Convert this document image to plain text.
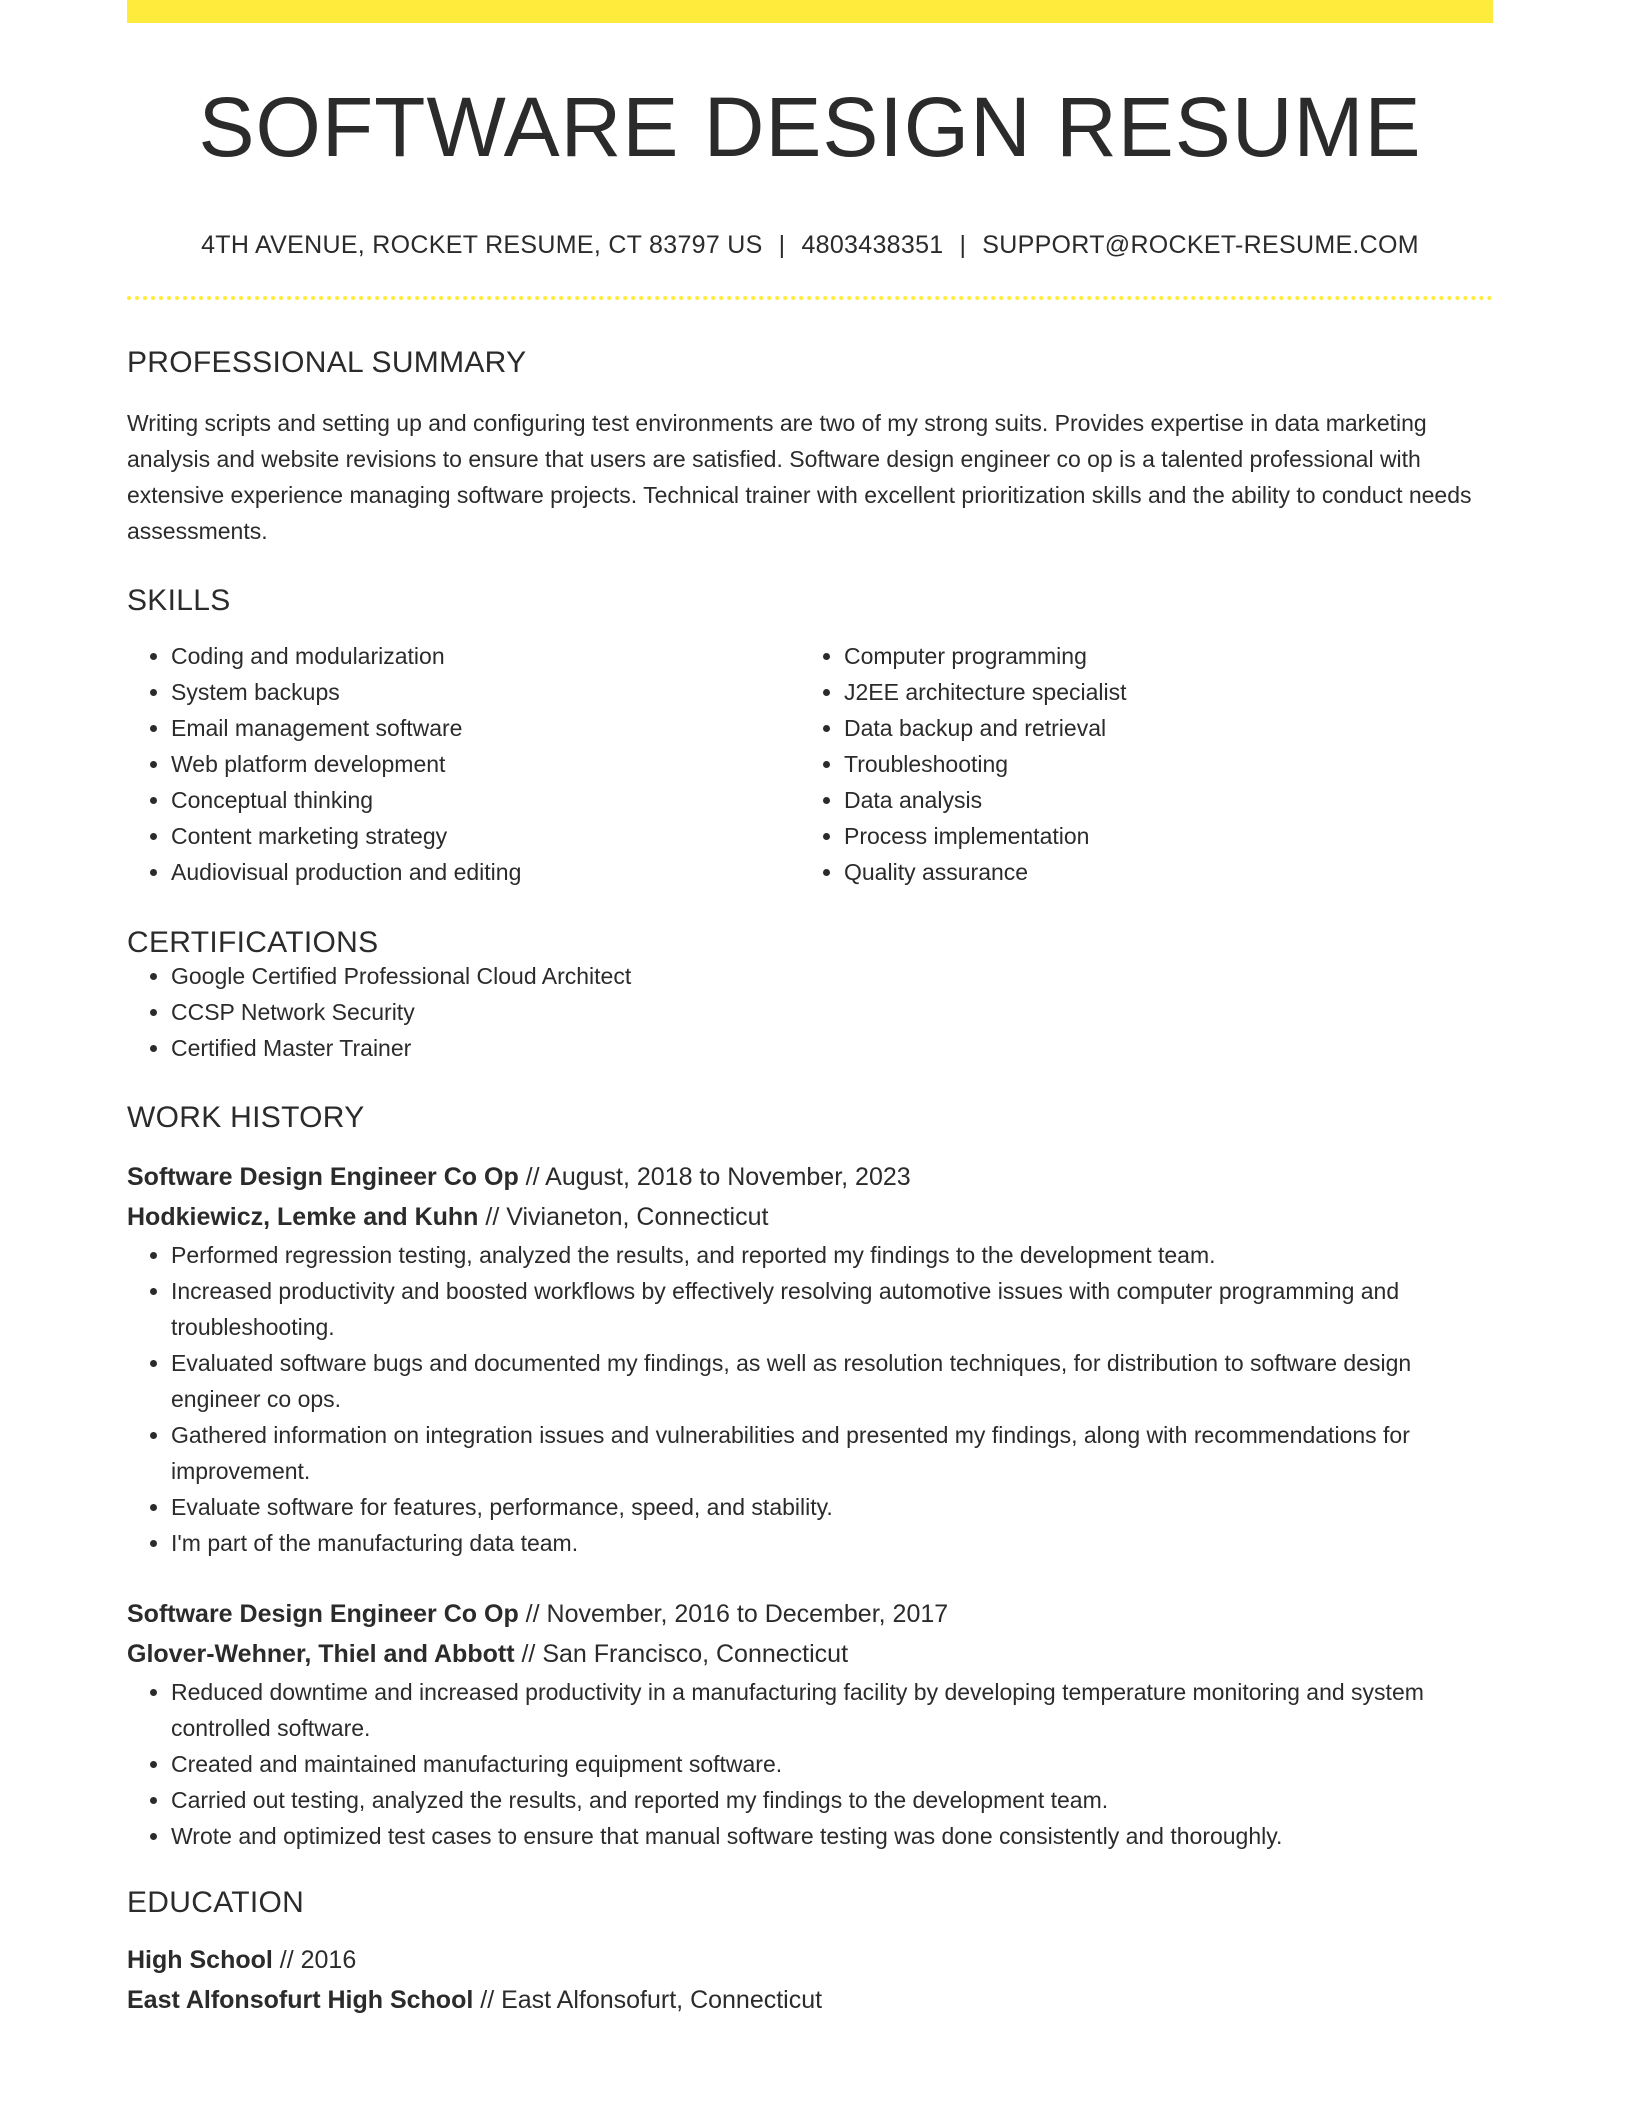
SOFTWARE DESIGN RESUME
4TH AVENUE, ROCKET RESUME, CT 83797 US | 4803438351 | SUPPORT@ROCKET-RESUME.COM
PROFESSIONAL SUMMARY
Writing scripts and setting up and configuring test environments are two of my strong suits. Provides expertise in data marketing analysis and website revisions to ensure that users are satisfied. Software design engineer co op is a talented professional with extensive experience managing software projects. Technical trainer with excellent prioritization skills and the ability to conduct needs assessments.
SKILLS
• Coding and modularization
• System backups
• Email management software
• Web platform development
• Conceptual thinking
• Content marketing strategy
• Audiovisual production and editing
• Computer programming
• J2EE architecture specialist
• Data backup and retrieval
• Troubleshooting
• Data analysis
• Process implementation
• Quality assurance
CERTIFICATIONS
• Google Certified Professional Cloud Architect
• CCSP Network Security
• Certified Master Trainer
WORK HISTORY
Software Design Engineer Co Op // August, 2018 to November, 2023
Hodkiewicz, Lemke and Kuhn // Vivianeton, Connecticut
• Performed regression testing, analyzed the results, and reported my findings to the development team.
• Increased productivity and boosted workflows by effectively resolving automotive issues with computer programming and troubleshooting.
• Evaluated software bugs and documented my findings, as well as resolution techniques, for distribution to software design engineer co ops.
• Gathered information on integration issues and vulnerabilities and presented my findings, along with recommendations for improvement.
• Evaluate software for features, performance, speed, and stability.
• I'm part of the manufacturing data team.
Software Design Engineer Co Op // November, 2016 to December, 2017
Glover-Wehner, Thiel and Abbott // San Francisco, Connecticut
• Reduced downtime and increased productivity in a manufacturing facility by developing temperature monitoring and system controlled software.
• Created and maintained manufacturing equipment software.
• Carried out testing, analyzed the results, and reported my findings to the development team.
• Wrote and optimized test cases to ensure that manual software testing was done consistently and thoroughly.
EDUCATION
High School // 2016
East Alfonsofurt High School // East Alfonsofurt, Connecticut
